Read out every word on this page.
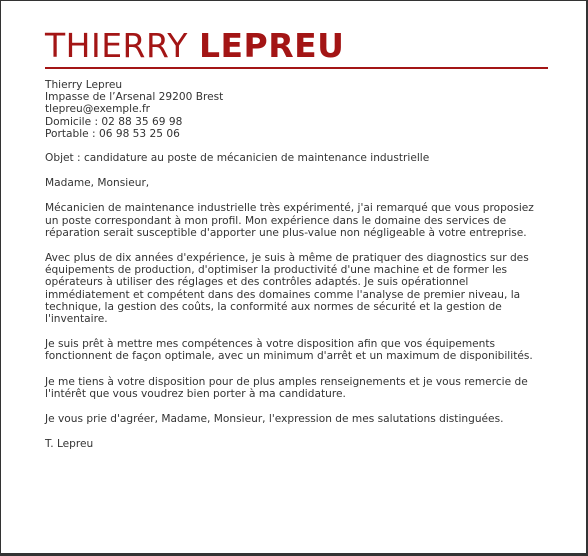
THIERRY LEPREU
Thierry Lepreu
Impasse de l’Arsenal 29200 Brest
tlepreu@exemple.fr
Domicile : 02 88 35 69 98
Portable : 06 98 53 25 06

Objet : candidature au poste de mécanicien de maintenance industrielle

Madame, Monsieur,

Mécanicien de maintenance industrielle très expérimenté, j'ai remarqué que vous proposiez un poste correspondant à mon profil. Mon expérience dans le domaine des services de réparation serait susceptible d'apporter une plus-value non négligeable à votre entreprise.

Avec plus de dix années d'expérience, je suis à même de pratiquer des diagnostics sur des équipements de production, d'optimiser la productivité d'une machine et de former les opérateurs à utiliser des réglages et des contrôles adaptés. Je suis opérationnel immédiatement et compétent dans des domaines comme l'analyse de premier niveau, la technique, la gestion des coûts, la conformité aux normes de sécurité et la gestion de l'inventaire.

Je suis prêt à mettre mes compétences à votre disposition afin que vos équipements fonctionnent de façon optimale, avec un minimum d'arrêt et un maximum de disponibilités.

Je me tiens à votre disposition pour de plus amples renseignements et je vous remercie de l'intérêt que vous voudrez bien porter à ma candidature.

Je vous prie d'agréer, Madame, Monsieur, l'expression de mes salutations distinguées.

T. Lepreu
